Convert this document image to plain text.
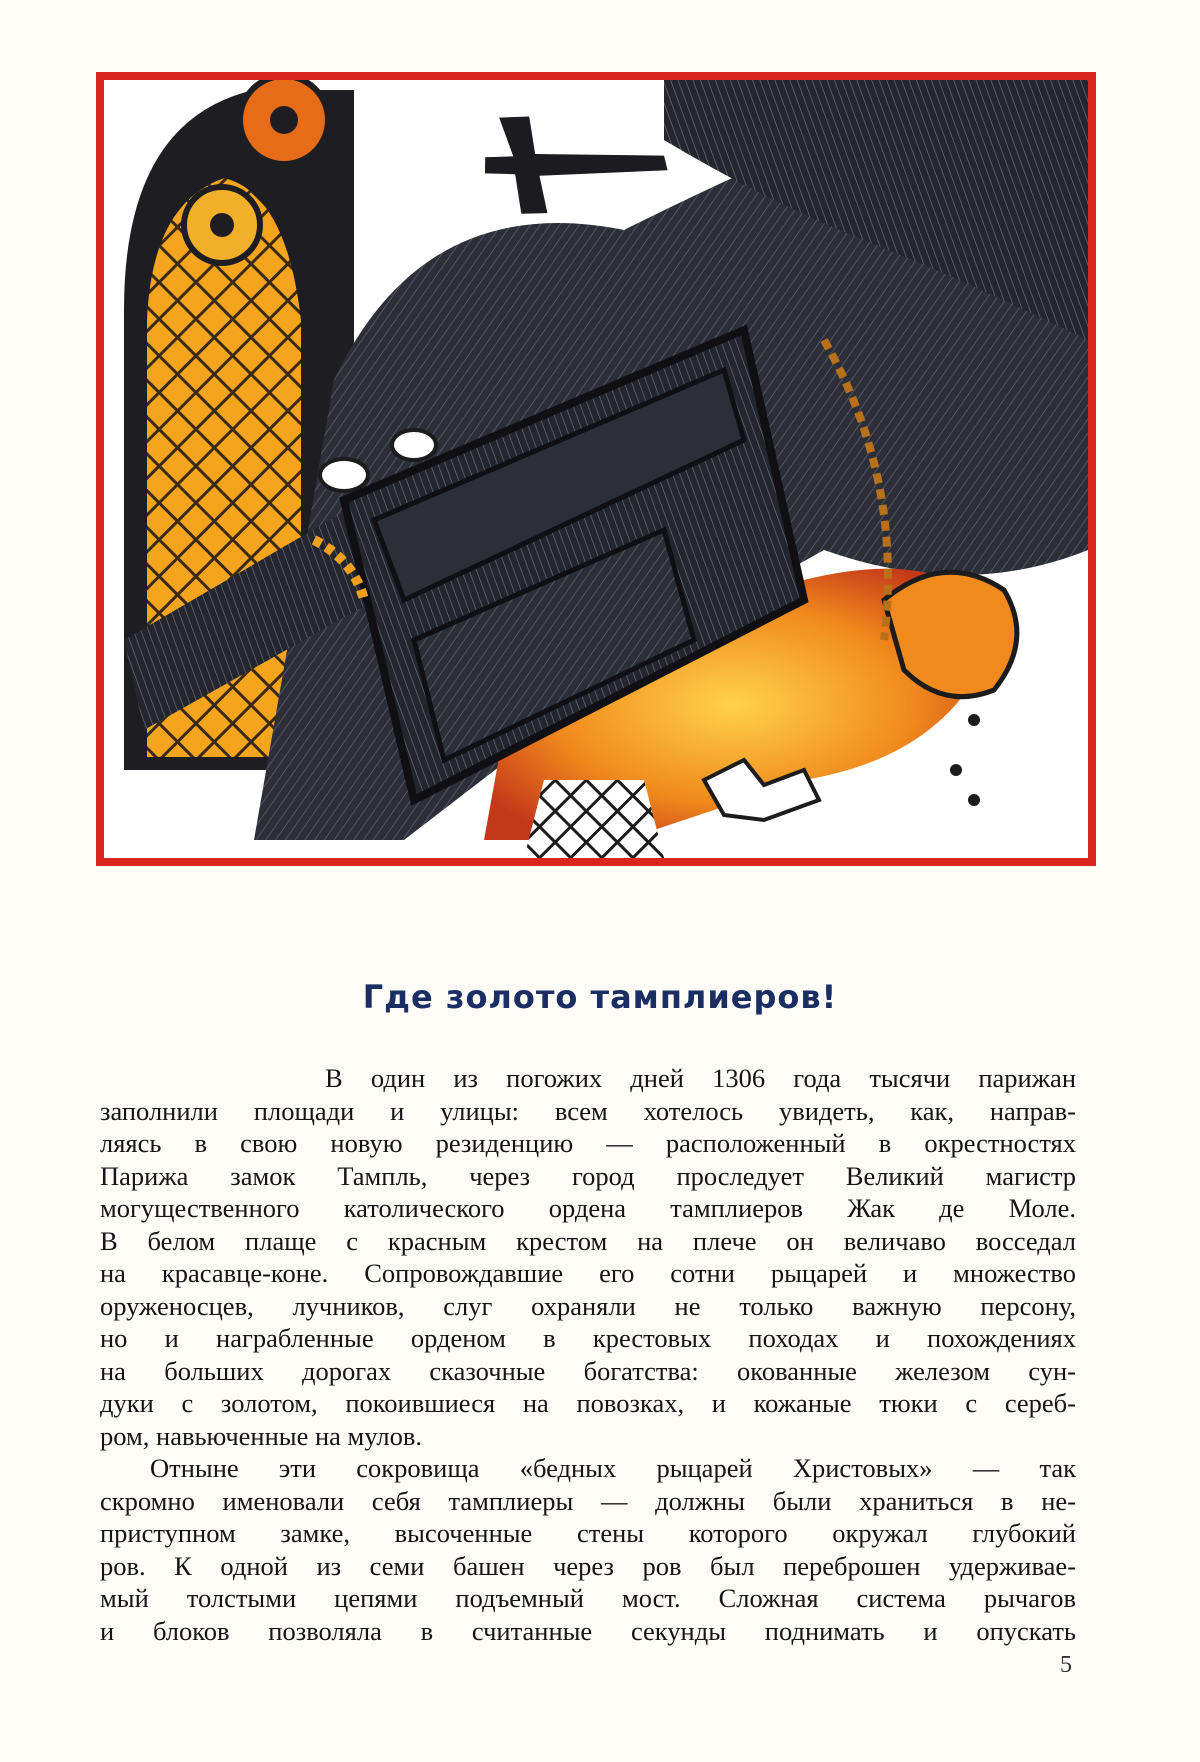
Где золото тамплиеров!
В один из погожих дней 1306 года тысячи парижан
заполнили площади и улицы: всем хотелось увидеть, как, направ-
ляясь в свою новую резиденцию — расположенный в окрестностях
Парижа замок Тампль, через город проследует Великий магистр
могущественного католического ордена тамплиеров Жак де Моле.
В белом плаще с красным крестом на плече он величаво восседал
на красавце-коне. Сопровождавшие его сотни рыцарей и множество
оруженосцев, лучников, слуг охраняли не только важную персону,
но и награбленные орденом в крестовых походах и похождениях
на больших дорогах сказочные богатства: окованные железом сун-
дуки с золотом, покоившиеся на повозках, и кожаные тюки с сереб-
ром, навьюченные на мулов.
Отныне эти сокровища «бедных рыцарей Христовых» — так
скромно именовали себя тамплиеры — должны были храниться в не-
приступном замке, высоченные стены которого окружал глубокий
ров. К одной из семи башен через ров был переброшен удерживае-
мый толстыми цепями подъемный мост. Сложная система рычагов
и блоков позволяла в считанные секунды поднимать и опускать
5
